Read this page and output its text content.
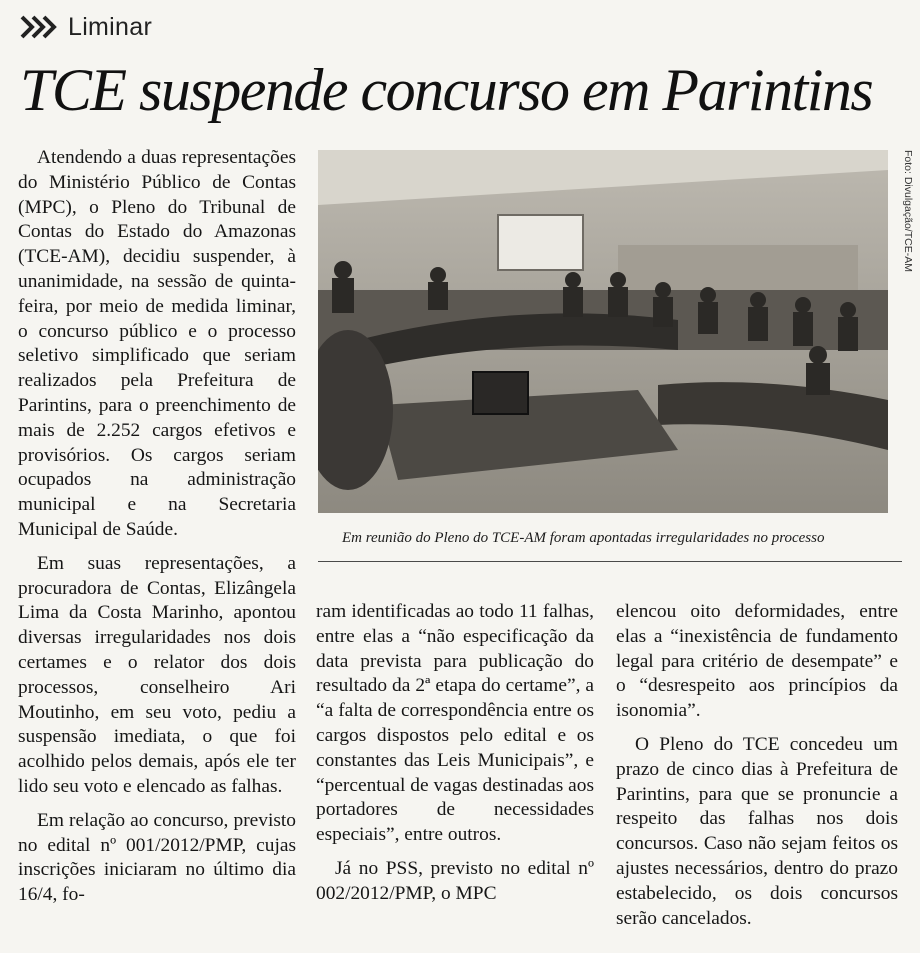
Liminar
TCE suspende concurso em Parintins

Atendendo a duas representações do Ministério Público de Contas (MPC), o Pleno do Tribunal de Contas do Estado do Amazonas (TCE-AM), decidiu suspender, à unanimidade, na sessão de quinta-feira, por meio de medida liminar, o concurso público e o processo seletivo simplificado que seriam realizados pela Prefeitura de Parintins, para o preenchimento de mais de 2.252 cargos efetivos e provisórios. Os cargos seriam ocupados na administração municipal e na Secretaria Municipal de Saúde.

Em suas representações, a procuradora de Contas, Elizângela Lima da Costa Marinho, apontou diversas irregularidades nos dois certames e o relator dos dois processos, conselheiro Ari Moutinho, em seu voto, pediu a suspensão imediata, o que foi acolhido pelos demais, após ele ter lido seu voto e elencado as falhas.

Em relação ao concurso, previsto no edital nº 001/2012/PMP, cujas inscrições iniciaram no último dia 16/4, fo-

Foto: Divulgação/TCE-AM
Em reunião do Pleno do TCE-AM foram apontadas irregularidades no processo

ram identificadas ao todo 11 falhas, entre elas a “não especificação da data prevista para publicação do resultado da 2ª etapa do certame”, a “a falta de correspondência entre os cargos dispostos pelo edital e os constantes das Leis Municipais”, e “percentual de vagas destinadas aos portadores de necessidades especiais”, entre outros.

Já no PSS, previsto no edital nº 002/2012/PMP, o MPC

elencou oito deformidades, entre elas a “inexistência de fundamento legal para critério de desempate” e o “desrespeito aos princípios da isonomia”.

O Pleno do TCE concedeu um prazo de cinco dias à Prefeitura de Parintins, para que se pronuncie a respeito das falhas nos dois concursos. Caso não sejam feitos os ajustes necessários, dentro do prazo estabelecido, os dois concursos serão cancelados.
